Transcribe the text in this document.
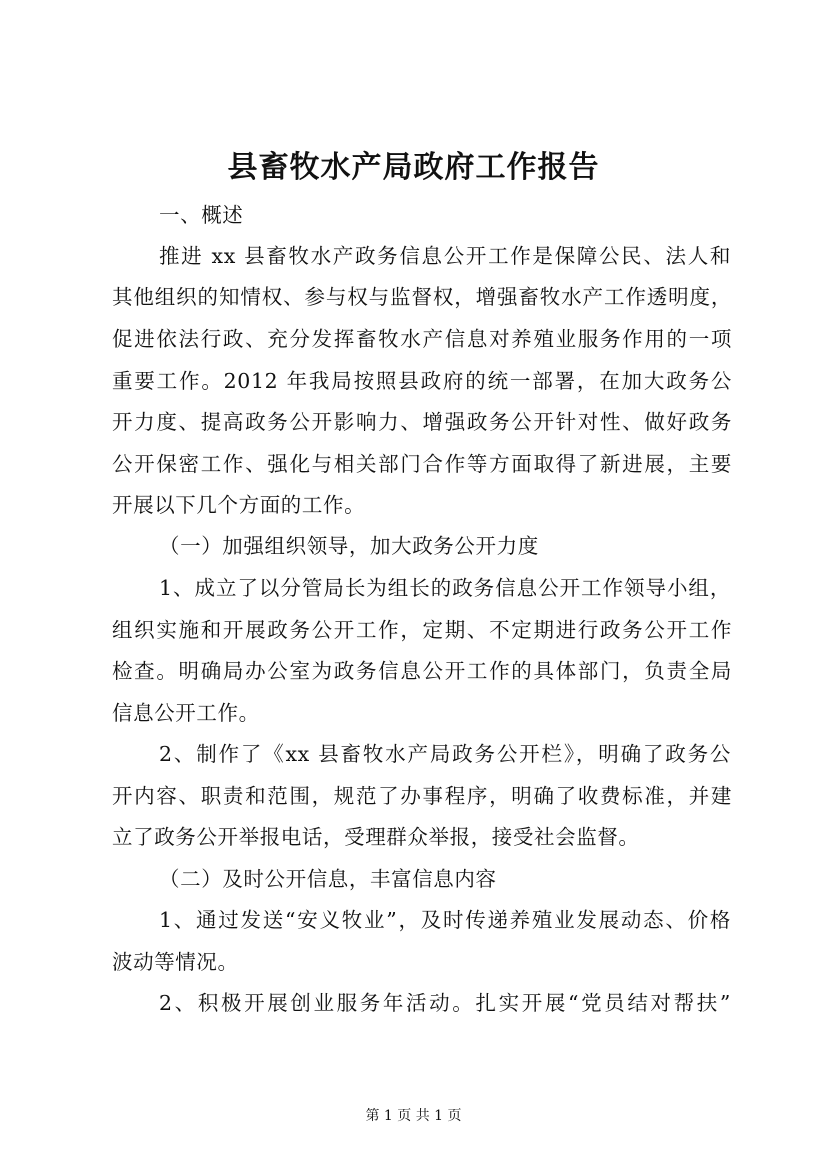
县畜牧水产局政府工作报告
一、概述
推进 xx 县畜牧水产政务信息公开工作是保障公民、法人和
其他组织的知情权、参与权与监督权，增强畜牧水产工作透明度，
促进依法行政、充分发挥畜牧水产信息对养殖业服务作用的一项
重要工作。2012 年我局按照县政府的统一部署，在加大政务公
开力度、提高政务公开影响力、增强政务公开针对性、做好政务
公开保密工作、强化与相关部门合作等方面取得了新进展，主要
开展以下几个方面的工作。
（一）加强组织领导，加大政务公开力度
1、成立了以分管局长为组长的政务信息公开工作领导小组，
组织实施和开展政务公开工作，定期、不定期进行政务公开工作
检查。明确局办公室为政务信息公开工作的具体部门，负责全局
信息公开工作。
2、制作了《xx 县畜牧水产局政务公开栏》，明确了政务公
开内容、职责和范围，规范了办事程序，明确了收费标准，并建
立了政务公开举报电话，受理群众举报，接受社会监督。
（二）及时公开信息，丰富信息内容
1、通过发送“安义牧业”，及时传递养殖业发展动态、价格
波动等情况。
2、积极开展创业服务年活动。扎实开展“党员结对帮扶”
第 1 页 共 1 页
